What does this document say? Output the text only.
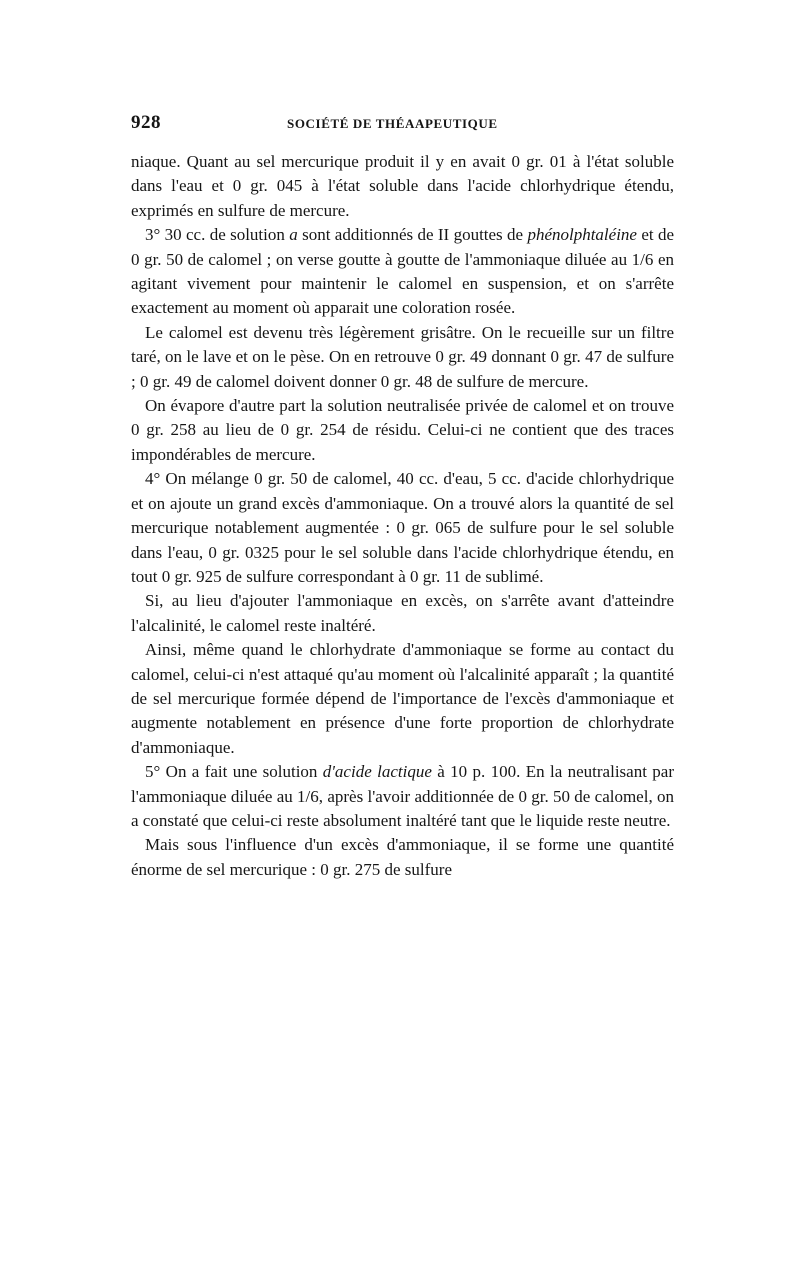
928	SOCIÉTÉ DE THÉAAPEUTIQUE

niaque. Quant au sel mercurique produit il y en avait 0 gr. 01 à l'état soluble dans l'eau et 0 gr. 045 à l'état soluble dans l'acide chlorhydrique étendu, exprimés en sulfure de mercure.

3° 30 cc. de solution a sont additionnés de II gouttes de phénolphtaléine et de 0 gr. 50 de calomel ; on verse goutte à goutte de l'ammoniaque diluée au 1/6 en agitant vivement pour maintenir le calomel en suspension, et on s'arrête exactement au moment où apparait une coloration rosée.

Le calomel est devenu très légèrement grisâtre. On le recueille sur un filtre taré, on le lave et on le pèse. On en retrouve 0 gr. 49 donnant 0 gr. 47 de sulfure ; 0 gr. 49 de calomel doivent donner 0 gr. 48 de sulfure de mercure.

On évapore d'autre part la solution neutralisée privée de calomel et on trouve 0 gr. 258 au lieu de 0 gr. 254 de résidu. Celui-ci ne contient que des traces impondérables de mercure.

4° On mélange 0 gr. 50 de calomel, 40 cc. d'eau, 5 cc. d'acide chlorhydrique et on ajoute un grand excès d'ammoniaque. On a trouvé alors la quantité de sel mercurique notablement augmentée : 0 gr. 065 de sulfure pour le sel soluble dans l'eau, 0 gr. 0325 pour le sel soluble dans l'acide chlorhydrique étendu, en tout 0 gr. 925 de sulfure correspondant à 0 gr. 11 de sublimé.

Si, au lieu d'ajouter l'ammoniaque en excès, on s'arrête avant d'atteindre l'alcalinité, le calomel reste inaltéré.

Ainsi, même quand le chlorhydrate d'ammoniaque se forme au contact du calomel, celui-ci n'est attaqué qu'au moment où l'alcalinité apparaît ; la quantité de sel mercurique formée dépend de l'importance de l'excès d'ammoniaque et augmente notablement en présence d'une forte proportion de chlorhydrate d'ammoniaque.

5° On a fait une solution d'acide lactique à 10 p. 100. En la neutralisant par l'ammoniaque diluée au 1/6, après l'avoir additionnée de 0 gr. 50 de calomel, on a constaté que celui-ci reste absolument inaltéré tant que le liquide reste neutre.

Mais sous l'influence d'un excès d'ammoniaque, il se forme une quantité énorme de sel mercurique : 0 gr. 275 de sulfure
